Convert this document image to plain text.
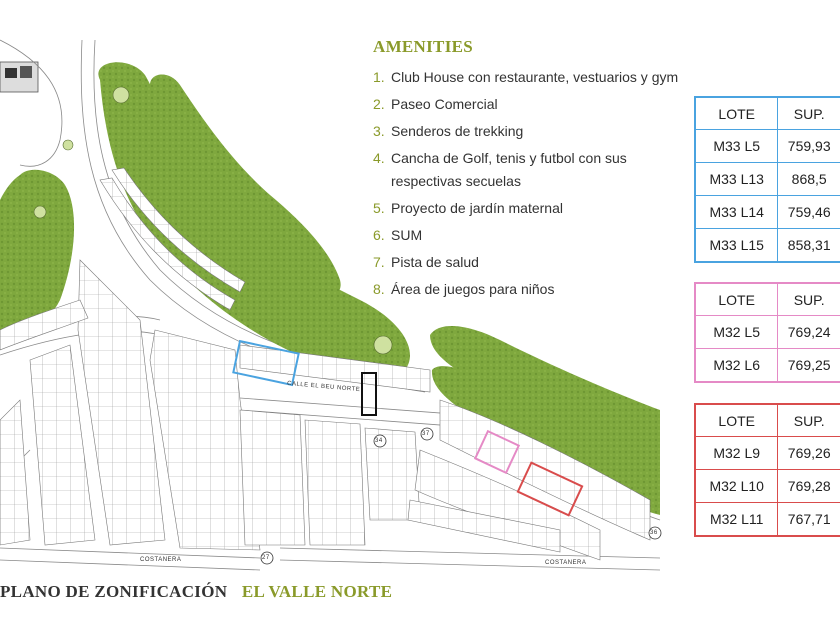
27
37
34
36
COSTANERA	COSTANERA
CALLE EL BEU NORTE
AMENITIES
1. Club House con restaurante, vestuarios y gym
2. Paseo Comercial
3. Senderos de trekking
4. Cancha de Golf, tenis y futbol con sus respectivas secuelas
5. Proyecto de jardín maternal
6. SUM
7. Pista de salud
8. Área de juegos para niños
LOTE	SUP.
M33 L5	759,93
M33 L13	868,5
M33 L14	759,46
M33 L15	858,31
LOTE	SUP.
M32 L5	769,24
M32 L6	769,25
LOTE	SUP.
M32 L9	769,26
M32 L10	769,28
M32 L11	767,71
PLANO DE ZONIFICACIÓN EL VALLE NORTE
